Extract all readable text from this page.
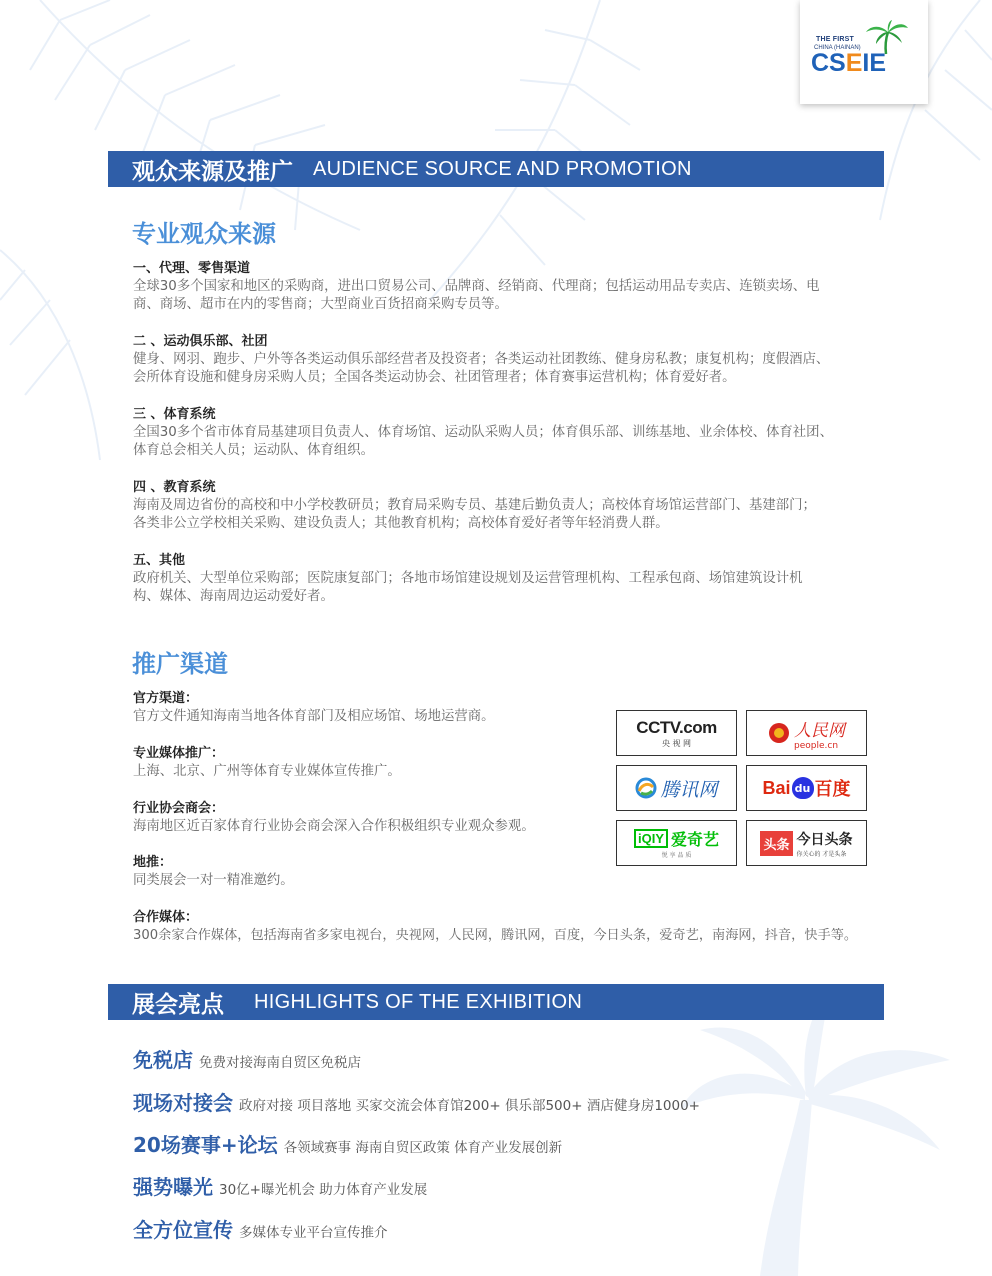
THE FIRST
CHINA (HAINAN)
CSEIE
观众来源及推广 AUDIENCE SOURCE AND PROMOTION
专业观众来源
一、代理、零售渠道
全球30多个国家和地区的采购商，进出口贸易公司、品牌商、经销商、代理商；包括运动用品专卖店、连锁卖场、电
商、商场、超市在内的零售商；大型商业百货招商采购专员等。
二 、运动俱乐部、社团
健身、网羽、跑步、户外等各类运动俱乐部经营者及投资者；各类运动社团教练、健身房私教；康复机构；度假酒店、
会所体育设施和健身房采购人员；全国各类运动协会、社团管理者；体育赛事运营机构；体育爱好者。
三 、体育系统
全国30多个省市体育局基建项目负责人、体育场馆、运动队采购人员；体育俱乐部、训练基地、业余体校、体育社团、
体育总会相关人员；运动队、体育组织。
四 、教育系统
海南及周边省份的高校和中小学校教研员；教育局采购专员、基建后勤负责人；高校体育场馆运营部门、基建部门；
各类非公立学校相关采购、建设负责人；其他教育机构；高校体育爱好者等年轻消费人群。
五、其他
政府机关、大型单位采购部；医院康复部门；各地市场馆建设规划及运营管理机构、工程承包商、场馆建筑设计机
构、媒体、海南周边运动爱好者。
推广渠道
官方渠道：
官方文件通知海南当地各体育部门及相应场馆、场地运营商。
专业媒体推广：
上海、北京、广州等体育专业媒体宣传推广。
行业协会商会：
海南地区近百家体育行业协会商会深入合作积极组织专业观众参观。
地推：
同类展会一对一精准邀约。
合作媒体：
300余家合作媒体，包括海南省多家电视台，央视网，人民网，腾讯网，百度，今日头条，爱奇艺，南海网，抖音，快手等。
CCTV.com
央 视 网
人民网
people.cn
腾讯网 Bai du 百度
iQIY 爱奇艺
悦 享 品 质
头条 今日头条
你关心的 才是头条
展会亮点 HIGHLIGHTS OF THE EXHIBITION
免税店 免费对接海南自贸区免税店
现场对接会 政府对接 项目落地 买家交流会体育馆200+ 俱乐部500+ 酒店健身房1000+
20场赛事+论坛 各领域赛事 海南自贸区政策 体育产业发展创新
强势曝光 30亿+曝光机会 助力体育产业发展
全方位宣传 多媒体专业平台宣传推介
